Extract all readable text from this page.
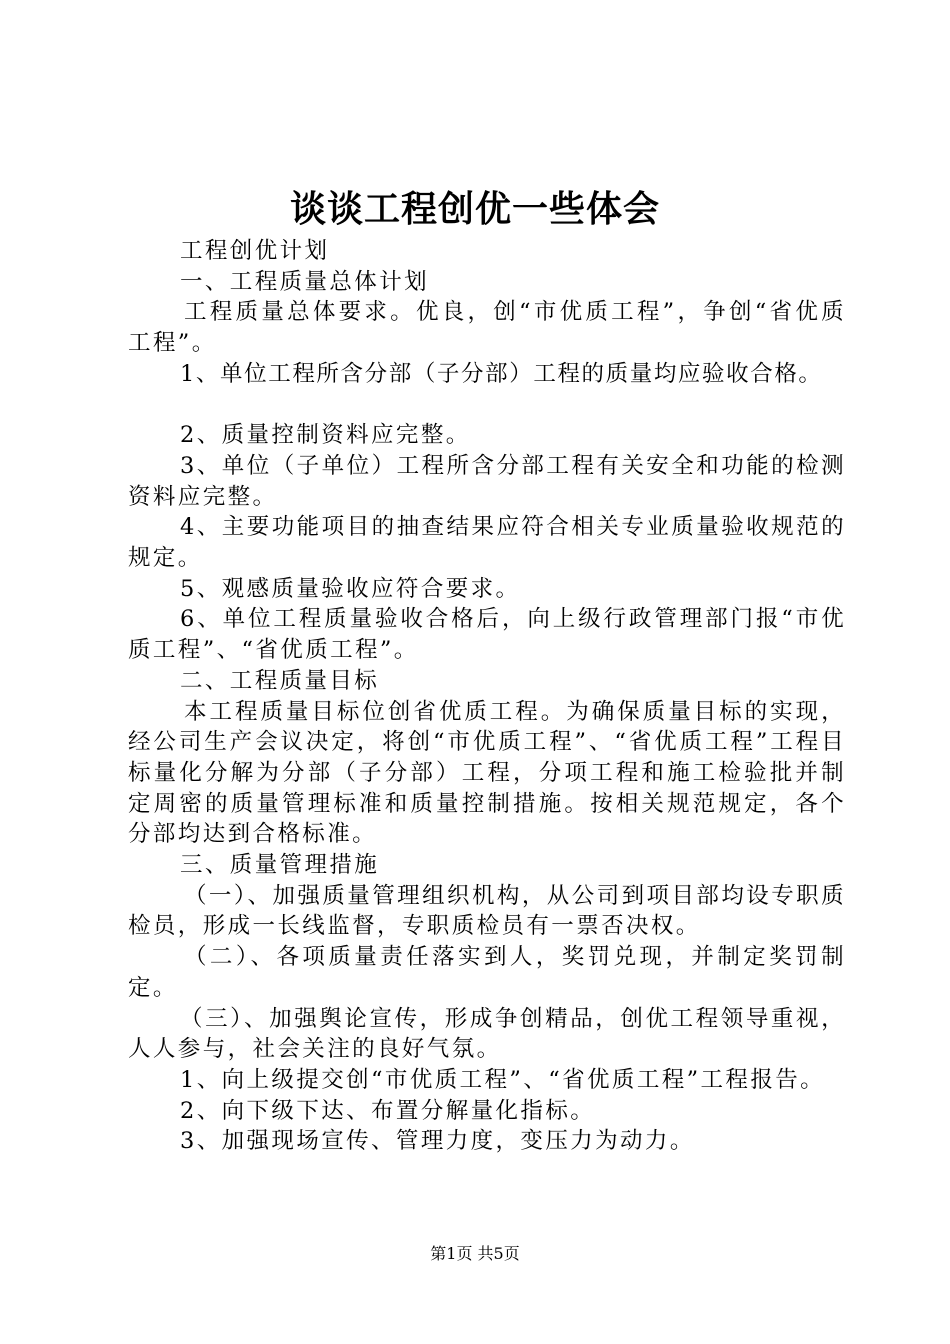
谈谈工程创优一些体会

工程创优计划

一、工程质量总体计划

工程质量总体要求。优良，创“市优质工程”，争创“省优质工程”。

1、单位工程所含分部（子分部）工程的质量均应验收合格。

2、质量控制资料应完整。

3、单位（子单位）工程所含分部工程有关安全和功能的检测资料应完整。

4、主要功能项目的抽查结果应符合相关专业质量验收规范的规定。

5、观感质量验收应符合要求。

6、单位工程质量验收合格后，向上级行政管理部门报“市优质工程”、“省优质工程”。

二、工程质量目标

本工程质量目标位创省优质工程。为确保质量目标的实现，经公司生产会议决定，将创“市优质工程”、“省优质工程”工程目标量化分解为分部（子分部）工程，分项工程和施工检验批并制定周密的质量管理标准和质量控制措施。按相关规范规定，各个分部均达到合格标准。

三、质量管理措施

（一）、加强质量管理组织机构，从公司到项目部均设专职质检员，形成一长线监督，专职质检员有一票否决权。

（二）、各项质量责任落实到人，奖罚兑现，并制定奖罚制定。

（三）、加强舆论宣传，形成争创精品，创优工程领导重视，人人参与，社会关注的良好气氛。

1、向上级提交创“市优质工程”、“省优质工程”工程报告。

2、向下级下达、布置分解量化指标。

3、加强现场宣传、管理力度，变压力为动力。

第1页 共5页
